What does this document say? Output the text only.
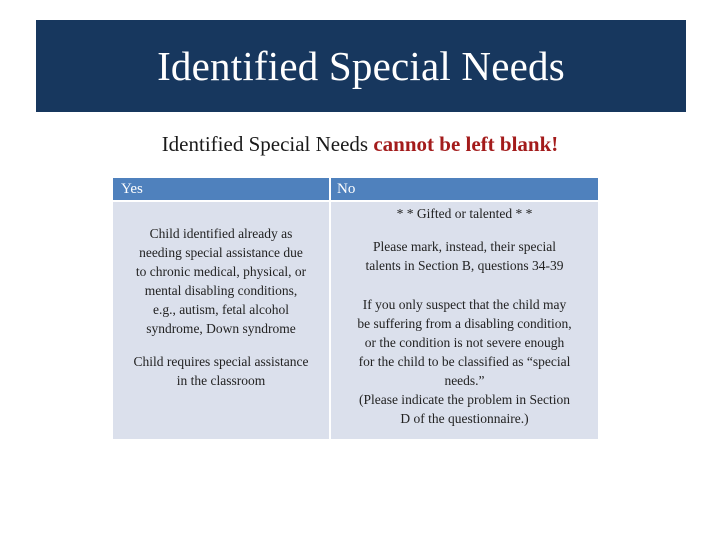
Identified Special Needs
Identified Special Needs cannot be left blank!
Yes	No

Child identified already as

needing special assistance due

to chronic medical, physical, or

mental disabling conditions,

e.g., autism, fetal alcohol

syndrome, Down syndrome

Child requires special assistance

in the classroom

* * Gifted or talented * *

Please mark, instead, their special

talents in Section B, questions 34-39

If you only suspect that the child may

be suffering from a disabling condition,

or the condition is not severe enough

for the child to be classified as “special

needs.”

(Please indicate the problem in Section

D of the questionnaire.)
